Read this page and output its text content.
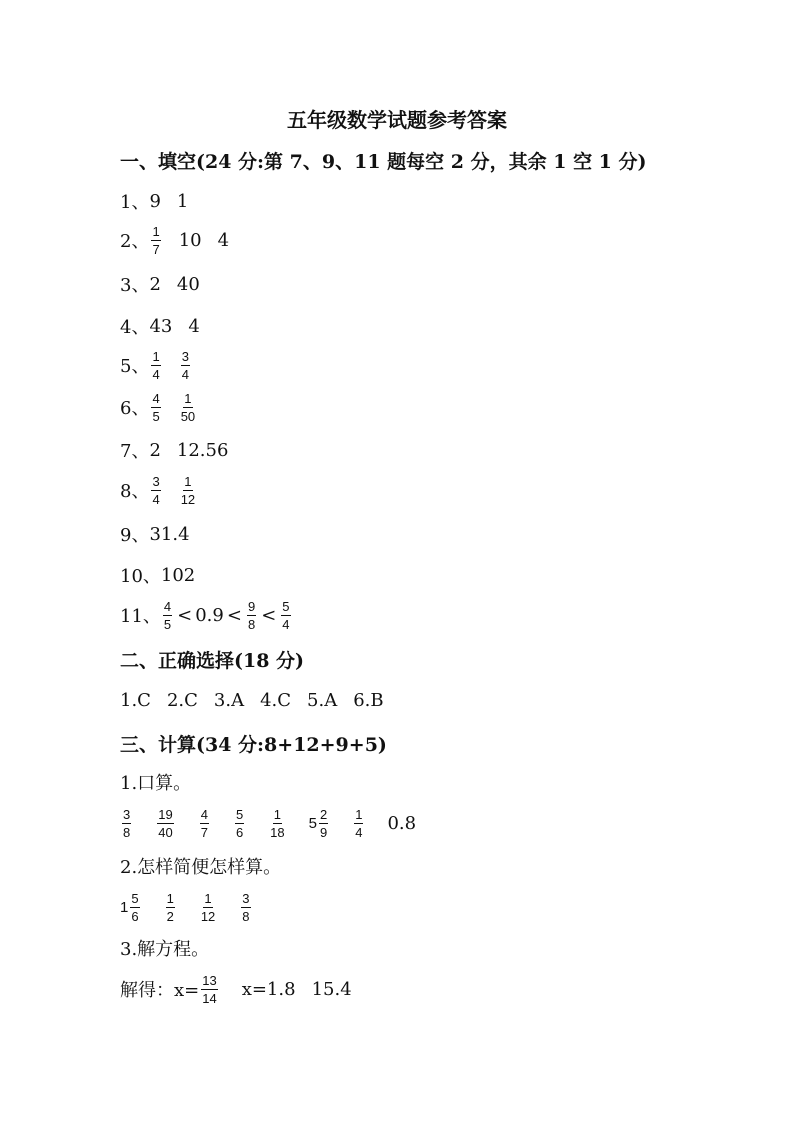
五年级数学试题参考答案
一、填空(24 分:第 7、9、11 题每空 2 分，其余 1 空 1 分)
1、 9 1
2、 $\frac{1}{7} 10$ 4
3、 2 40
4、 43 4
5、 $\frac{1}{4} \frac{3}{4}$
6、 $\frac{4}{5} \frac{1}{50}$
7、 2 12.56
8、 $\frac{3}{4} \frac{1}{12}$
9、 31.4
10、 102
11、 $\frac{4}{5} < 0.9 < \frac{9}{8} < \frac{5}{4}$
二、正确选择(18 分)
1.C 2.C 3.A 4.C 5.A 6.B
三、计算(34 分:8+12+9+5)
1.口算。
$\frac{3}{8} \frac{19}{40} \frac{4}{7} \frac{5}{6} \frac{1}{18} 5 \frac{2}{9} \frac{1}{4} 0.8$
2.怎样简便怎样算。
$1 \frac{5}{6} \frac{1}{2} \frac{1}{12} \frac{3}{8}$
3.解方程。
解得：$x= \frac{13}{14} x=1.8$ 15.4
